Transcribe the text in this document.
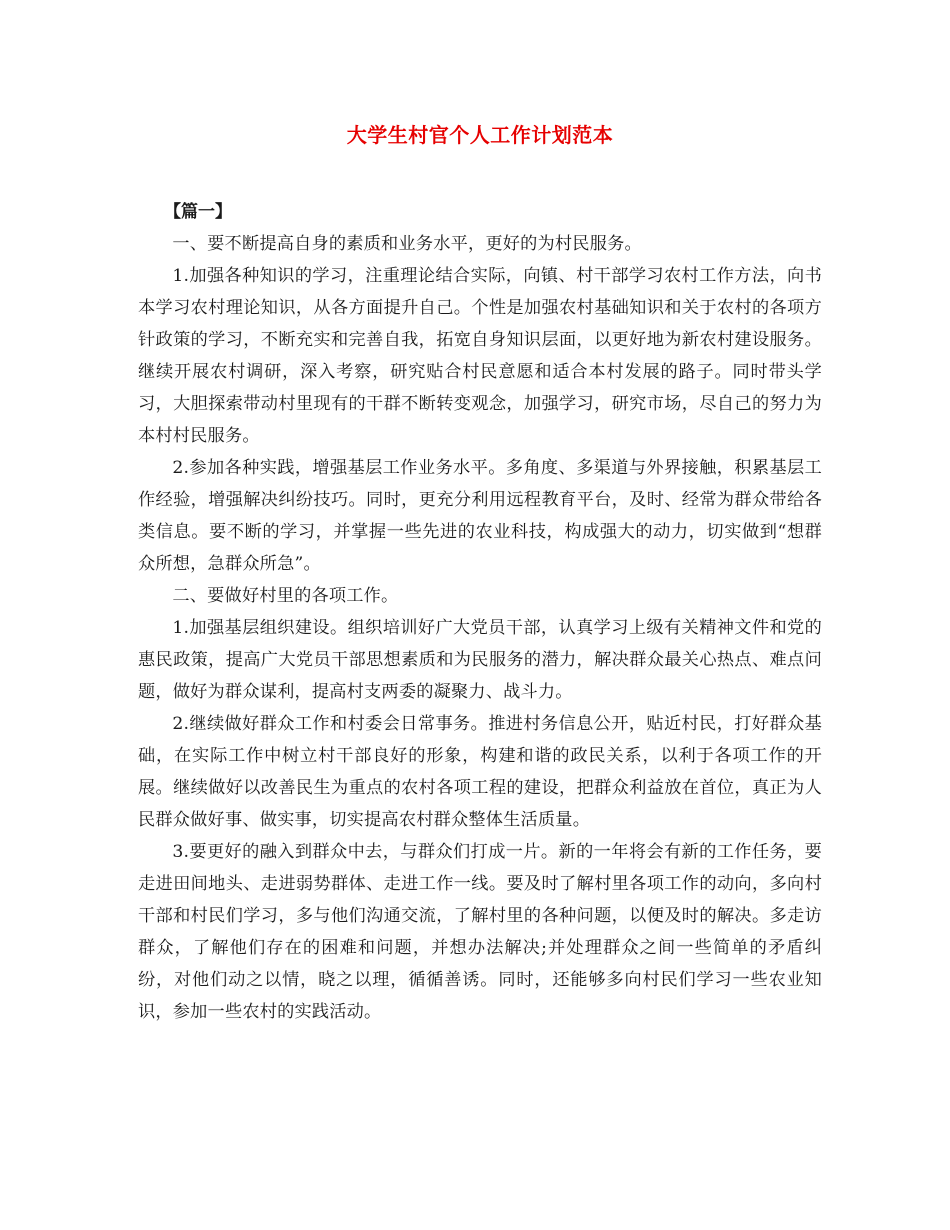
大学生村官个人工作计划范本

【篇一】

一、要不断提高自身的素质和业务水平，更好的为村民服务。

1.加强各种知识的学习，注重理论结合实际，向镇、村干部学习农村工作方法，向书本学习农村理论知识，从各方面提升自己。个性是加强农村基础知识和关于农村的各项方针政策的学习，不断充实和完善自我，拓宽自身知识层面，以更好地为新农村建设服务。继续开展农村调研，深入考察，研究贴合村民意愿和适合本村发展的路子。同时带头学习，大胆探索带动村里现有的干群不断转变观念，加强学习，研究市场，尽自己的努力为本村村民服务。

2.参加各种实践，增强基层工作业务水平。多角度、多渠道与外界接触，积累基层工作经验，增强解决纠纷技巧。同时，更充分利用远程教育平台，及时、经常为群众带给各类信息。要不断的学习，并掌握一些先进的农业科技，构成强大的动力，切实做到“想群众所想，急群众所急”。

二、要做好村里的各项工作。

1.加强基层组织建设。组织培训好广大党员干部，认真学习上级有关精神文件和党的惠民政策，提高广大党员干部思想素质和为民服务的潜力，解决群众最关心热点、难点问题，做好为群众谋利，提高村支两委的凝聚力、战斗力。

2.继续做好群众工作和村委会日常事务。推进村务信息公开，贴近村民，打好群众基础，在实际工作中树立村干部良好的形象，构建和谐的政民关系，以利于各项工作的开展。继续做好以改善民生为重点的农村各项工程的建设，把群众利益放在首位，真正为人民群众做好事、做实事，切实提高农村群众整体生活质量。

3.要更好的融入到群众中去，与群众们打成一片。新的一年将会有新的工作任务，要走进田间地头、走进弱势群体、走进工作一线。要及时了解村里各项工作的动向，多向村干部和村民们学习，多与他们沟通交流，了解村里的各种问题，以便及时的解决。多走访群众，了解他们存在的困难和问题，并想办法解决;并处理群众之间一些简单的矛盾纠纷，对他们动之以情，晓之以理，循循善诱。同时，还能够多向村民们学习一些农业知识，参加一些农村的实践活动。
